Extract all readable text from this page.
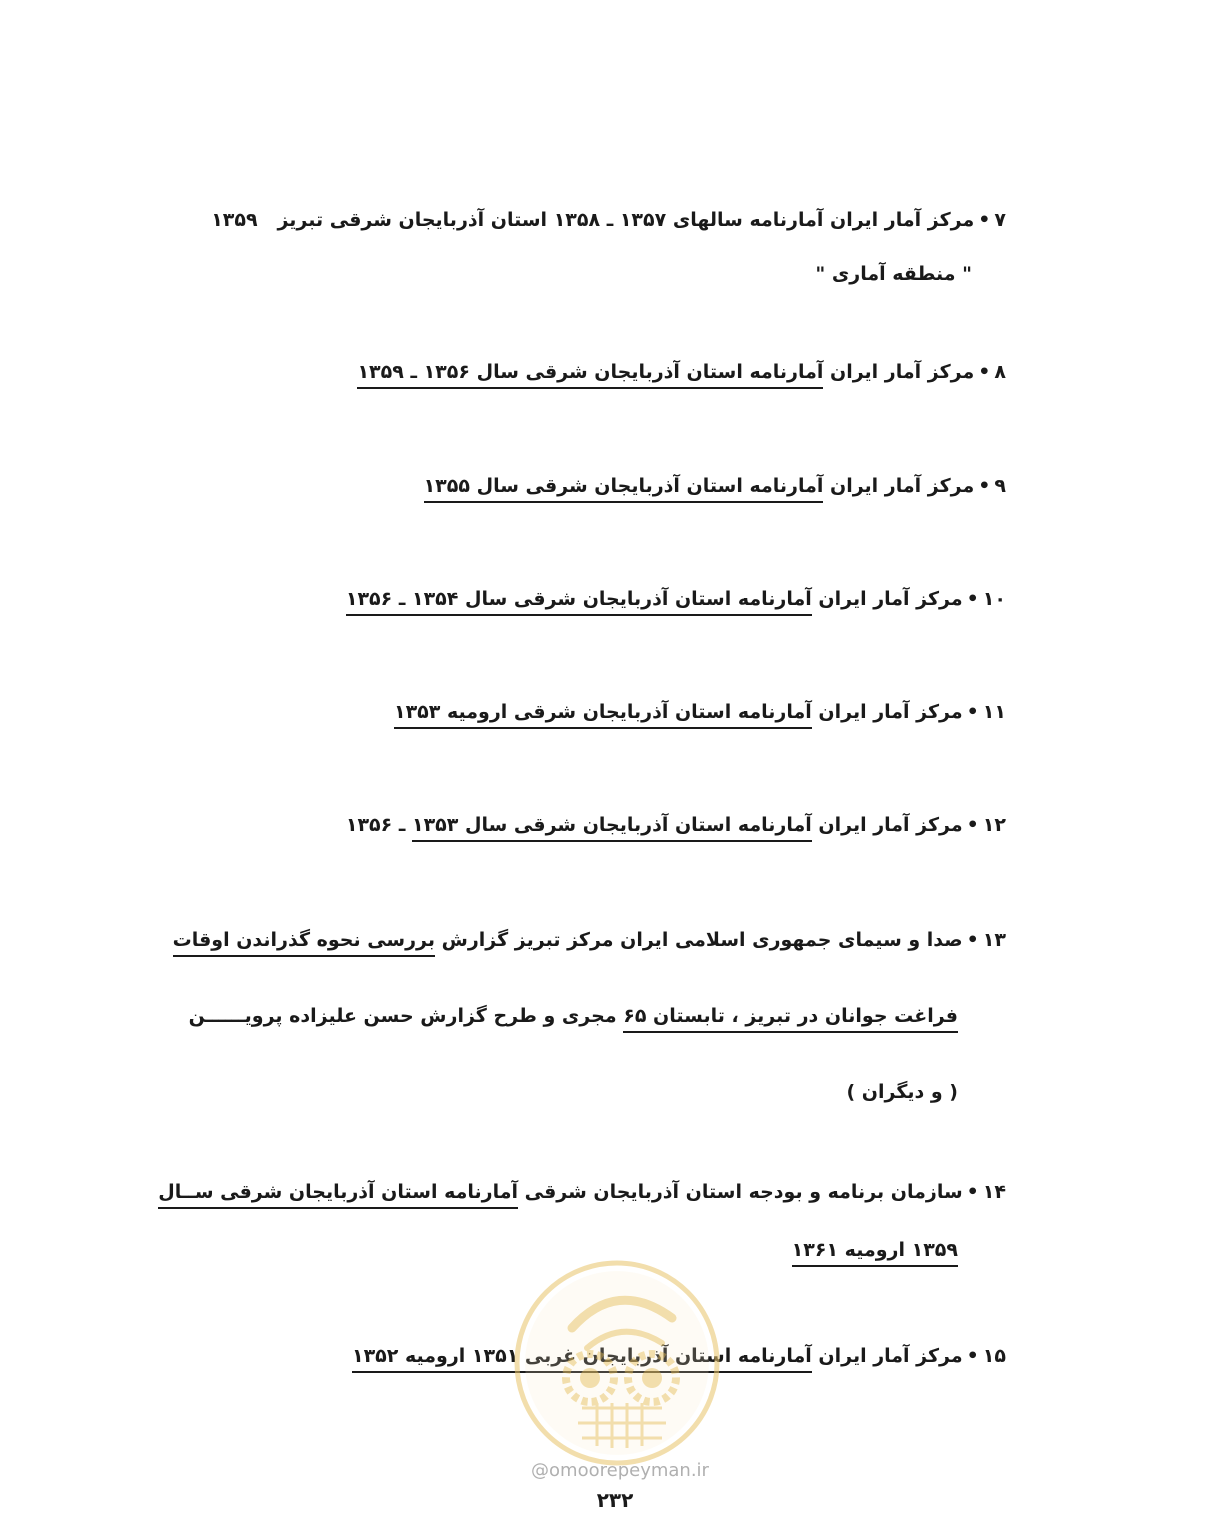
۷•مرکز آمار ایران آمارنامه سالهای ۱۳۵۷ ـ ۱۳۵۸ استان آذربایجان شرقی تبریز   ۱۳۵۹
" منطقه آماری "
۸•مرکز آمار ایران آمارنامه استان آذربایجان شرقی سال ۱۳۵۶ ـ ۱۳۵۹
۹•مرکز آمار ایران آمارنامه استان آذربایجان شرقی سال ۱۳۵۵
۱۰•مرکز آمار ایران آمارنامه استان آذربایجان شرقی سال ۱۳۵۴ ـ ۱۳۵۶
۱۱•مرکز آمار ایران آمارنامه استان آذربایجان شرقی ارومیه ۱۳۵۳
۱۲•مرکز آمار ایران آمارنامه استان آذربایجان شرقی سال ۱۳۵۳ ـ ۱۳۵۶
۱۳•صدا و سیمای جمهوری اسلامی ایران مرکز تبریز گزارش بررسی نحوه گذراندن اوقات
فراغت جوانان در تبریز ، تابستان ۶۵ مجری و طرح گزارش حسن علیزاده پرویــــــن
( و دیگران )
۱۴•سازمان برنامه و بودجه استان آذربایجان شرقی آمارنامه استان آذربایجان شرقی ســال
۱۳۵۹ ارومیه ۱۳۶۱
۱۵•مرکز آمار ایران آمارنامه استان آذربایجان غربی ۱۳۵۱ ارومیه ۱۳۵۲
@omoorepeyman.ir
۲۳۲
